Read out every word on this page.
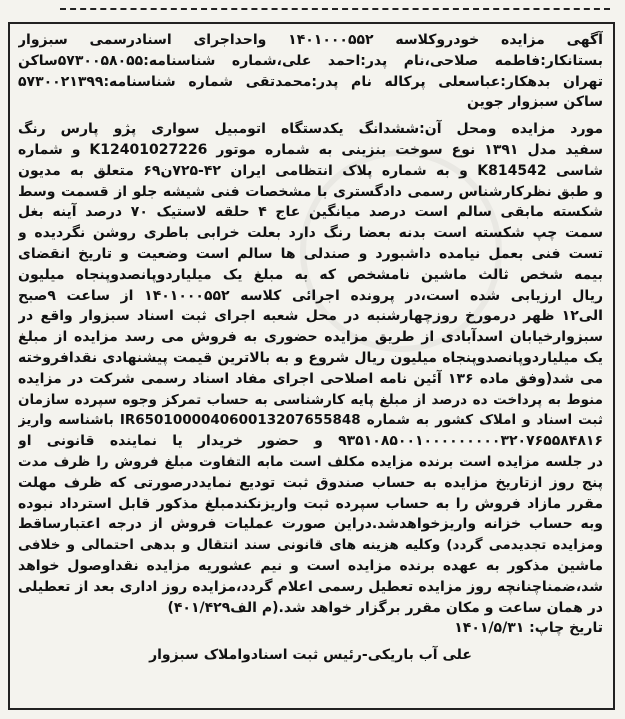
آگهی مزایده خودروکلاسه ۱۴۰۱۰۰۰۵۵۲ واحداجرای اسنادرسمی سبزوار
بستانکار:فاطمه صلاحی،نام پدر:احمد علی،شماره شناسنامه:۵۷۳۰۰۵۸۰۵۵ساکن
تهران بدهکار:عباسعلی پرکاله نام پدر:محمدتقی شماره شناسنامه:۵۷۳۰۰۲۱۳۹۹
ساکن سبزوار جوین
مورد مزایده ومحل آن:ششدانگ یکدستگاه اتومبیل سواری پژو پارس رنگ
سفید مدل ۱۳۹۱ نوع سوخت بنزینی به شماره موتور K12401027226 و شماره
شاسی K814542 و به شماره پلاک انتظامی ایران ۴۲-۷۲۵ن۶۹ متعلق به مدیون
و طبق نظرکارشناس رسمی دادگستری با مشخصات فنی شیشه جلو از قسمت وسط
شکسته مابقی سالم است درصد میانگین عاج ۴ حلقه لاستیک ۷۰ درصد آینه بغل
سمت چپ شکسته است بدنه بعضا رنگ دارد بعلت خرابی باطری روشن نگردیده و
تست فنی بعمل نیامده داشبورد و صندلی ها سالم است وضعیت و تاریخ انقضای
بیمه شخص ثالث ماشین نامشخص که به مبلغ یک میلیاردوپانصدوپنجاه میلیون
ریال ارزیابی شده است،در پرونده اجرائی کلاسه ۱۴۰۱۰۰۰۵۵۲ از ساعت ۹صبح
الی۱۲ ظهر درمورخ روزچهارشنبه در محل شعبه اجرای ثبت اسناد سبزوار واقع در
سبزوارخیابان اسدآبادی از طریق مزایده حضوری به فروش می رسد مزایده از مبلغ
یک میلیاردوپانصدوپنجاه میلیون ریال شروع و به بالاترین قیمت پیشنهادی نقدافروخته
می شد(وفق ماده ۱۳۶ آئین نامه اصلاحی اجرای مفاد اسناد رسمی شرکت در مزایده
منوط به پرداخت ده درصد از مبلغ پایه کارشناسی به حساب تمرکز وجوه سپرده سازمان
ثبت اسناد و املاک کشور به شماره IR650100004060013207655848 باشناسه واریز
۹۳۵۱۰۸۵۰۰۱۰۰۰۰۰۰۰۰۰۳۲۰۷۶۵۵۸۴۸۱۶ و حضور خریدار یا نماینده قانونی او
در جلسه مزایده است برنده مزایده مکلف است مابه التفاوت مبلغ فروش را ظرف مدت
پنج روز ازتاریخ مزایده به حساب صندوق ثبت تودیع نمایددرصورتی که ظرف مهلت
مقرر مازاد فروش را به حساب سپرده ثبت واریزنکندمبلغ مذکور قابل استرداد نبوده
وبه حساب خزانه واریزخواهدشد.دراین صورت عملیات فروش از درجه اعتبارساقط
ومزایده تجدیدمی گردد) وکلیه هزینه های قانونی سند انتقال و بدهی احتمالی و خلافی
ماشین مذکور به عهده برنده مزایده است و نیم عشوریه مزایده نقداوصول خواهد
شد،ضمناچنانچه روز مزایده تعطیل رسمی اعلام گردد،مزایده روز اداری بعد از تعطیلی
در همان ساعت و مکان مقرر برگزار خواهد شد.(م الف۴۰۱/۴۲۹)
تاریخ چاپ: ۱۴۰۱/۵/۳۱
علی آب باریکی-رئیس ثبت اسنادواملاک سبزوار
